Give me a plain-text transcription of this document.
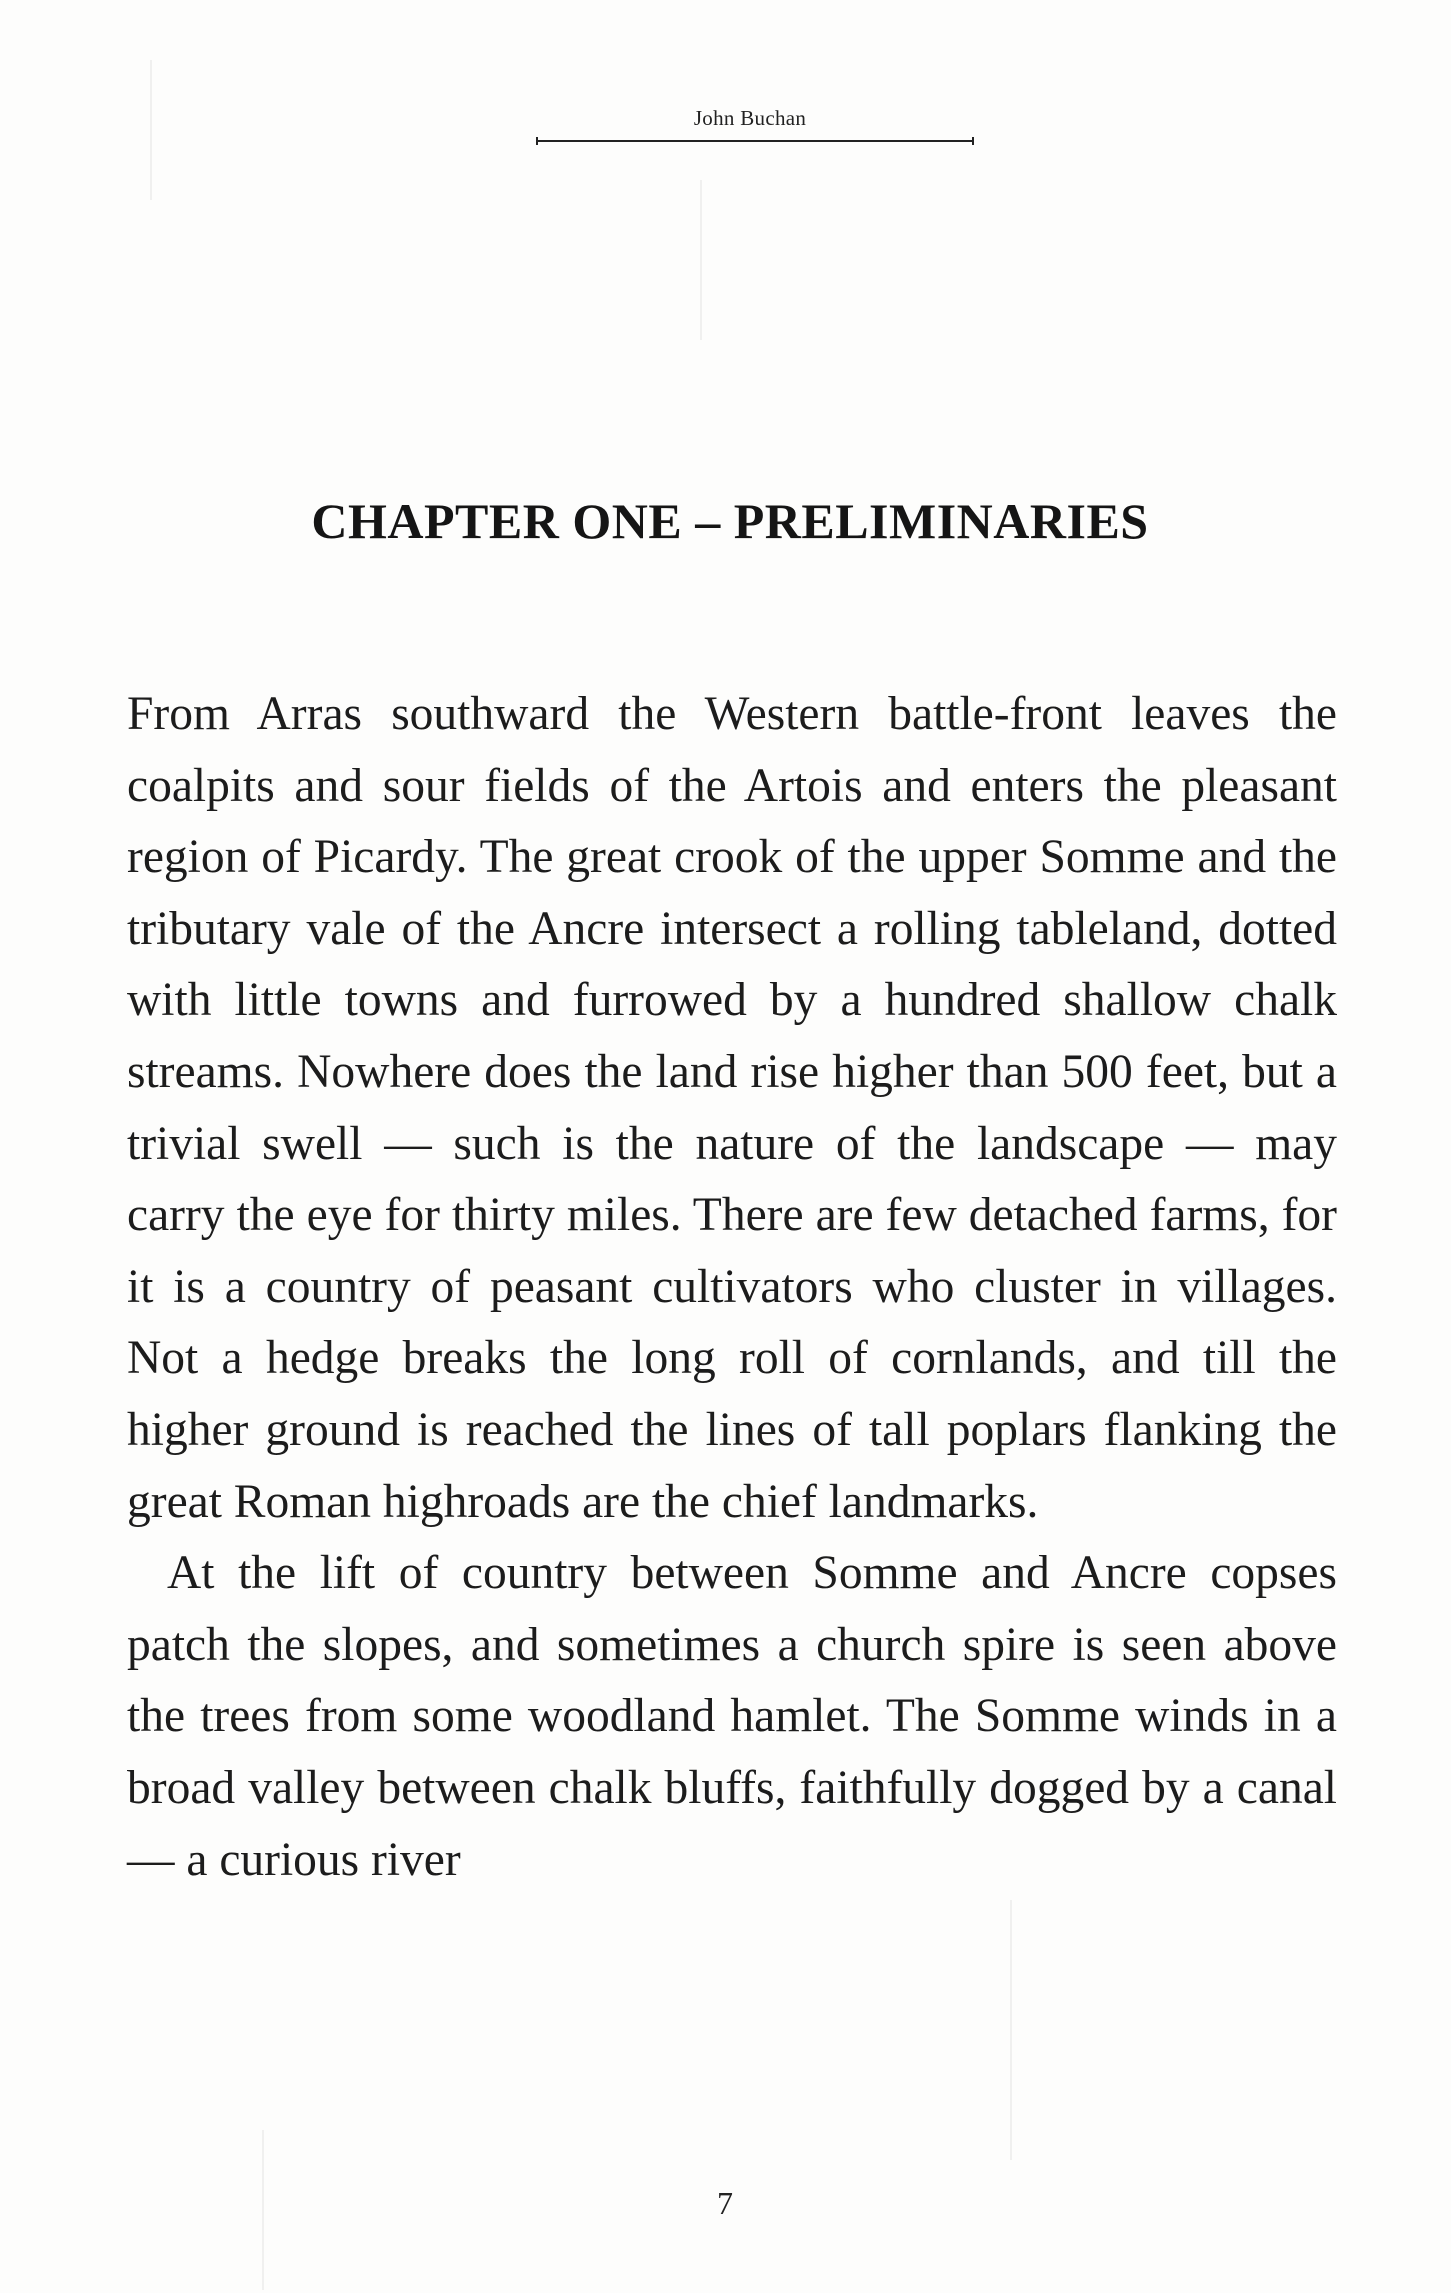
John Buchan
CHAPTER ONE – PRELIMINARIES

From Arras southward the Western battle-front leaves the coalpits and sour fields of the Artois and enters the pleasant region of Picardy. The great crook of the upper Somme and the tributary vale of the Ancre intersect a rolling tableland, dotted with little towns and furrowed by a hundred shallow chalk streams. Nowhere does the land rise higher than 500 feet, but a trivial swell — such is the nature of the landscape — may carry the eye for thirty miles. There are few detached farms, for it is a country of peasant cultivators who cluster in villages. Not a hedge breaks the long roll of cornlands, and till the higher ground is reached the lines of tall poplars flanking the great Roman highroads are the chief landmarks.

At the lift of country between Somme and Ancre copses patch the slopes, and sometimes a church spire is seen above the trees from some woodland hamlet. The Somme winds in a broad valley between chalk bluffs, faithfully dogged by a canal — a curious river

7
